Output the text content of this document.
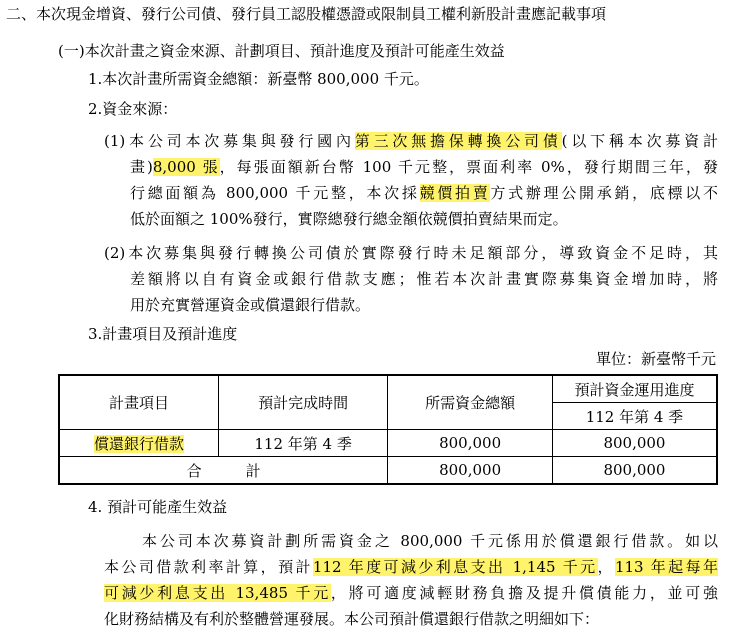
二、本次現金增資、發行公司債、發行員工認股權憑證或限制員工權利新股計畫應記載事項
(一)本次計畫之資金來源、計劃項目、預計進度及預計可能產生效益
1.本次計畫所需資金總額：新臺幣 800,000 千元。
2.資金來源：
(1)本公司本次募集與發行國內第三次無擔保轉換公司債(以下稱本次募資計
畫)8,000 張，每張面額新台幣 100 千元整，票面利率 0%，發行期間三年，發
行總面額為 800,000 千元整，本次採競價拍賣方式辦理公開承銷，底標以不
低於面額之 100%發行，實際總發行總金額依競價拍賣結果而定。
(2)本次募集與發行轉換公司債於實際發行時未足額部分，導致資金不足時，其
差額將以自有資金或銀行借款支應；惟若本次計畫實際募集資金增加時，將
用於充實營運資金或償還銀行借款。
3.計畫項目及預計進度
單位：新臺幣千元
計畫項目	預計完成時間	所需資金總額	預計資金運用進度
			112 年第 4 季
償還銀行借款	112 年第 4 季	800,000	800,000
合 計		800,000	800,000
4. 預計可能產生效益
本公司本次募資計劃所需資金之 800,000 千元係用於償還銀行借款。如以
本公司借款利率計算，預計112 年度可減少利息支出 1,145 千元，113 年起每年
可減少利息支出 13,485 千元，將可適度減輕財務負擔及提升償債能力，並可強
化財務結構及有利於整體營運發展。本公司預計償還銀行借款之明細如下：
